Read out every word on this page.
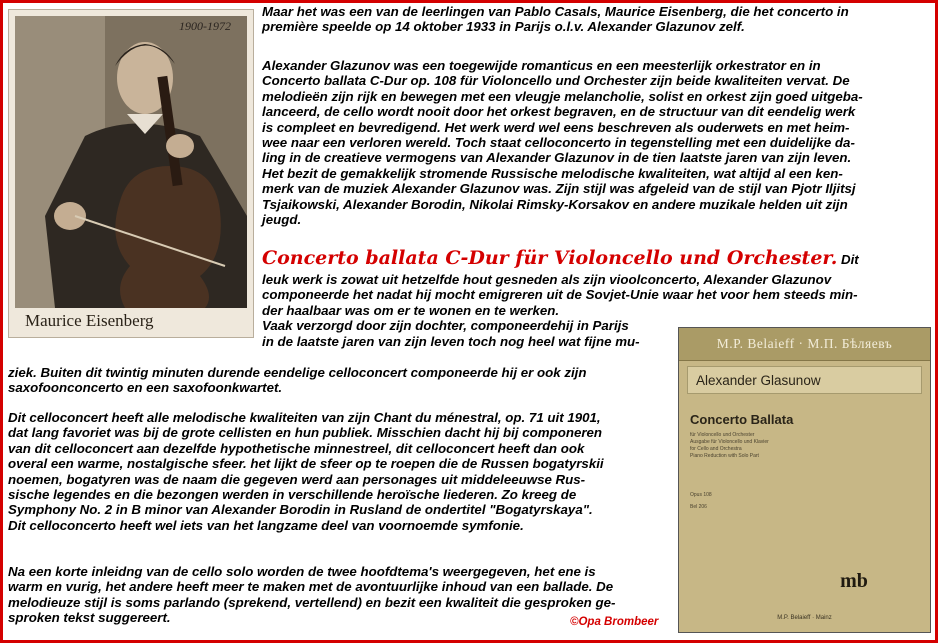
1900-1972
Maurice Eisenberg
Maar het was een van de leerlingen van Pablo Casals, Maurice Eisenberg, die het concerto in
première speelde op 14 oktober 1933 in Parijs o.l.v. Alexander Glazunov zelf.
Alexander Glazunov was een toegewijde romanticus en een meesterlijk orkestrator en in
Concerto ballata C-Dur op. 108 für Violoncello und Orchester zijn beide kwaliteiten vervat. De
melodieën zijn rijk en bewegen met een vleugje melancholie, solist en orkest zijn goed uitgeba-
lanceerd, de cello wordt nooit door het orkest begraven, en de structuur van dit eendelig werk
is compleet en bevredigend. Het werk werd wel eens beschreven als ouderwets en met heim-
wee naar een verloren wereld. Toch staat celloconcerto in tegenstelling met een duidelijke da-
ling in de creatieve vermogens van Alexander Glazunov in de tien laatste jaren van zijn leven.
Het bezit de gemakkelijk stromende Russische melodische kwaliteiten, wat altijd al een ken-
merk van de muziek Alexander Glazunov was. Zijn stijl was afgeleid van de stijl van Pjotr Iljitsj
Tsjaikowski, Alexander Borodin, Nikolai Rimsky-Korsakov en andere muzikale helden uit zijn
jeugd.
Concerto ballata C-Dur für Violoncello und Orchester. Dit
leuk werk is zowat uit hetzelfde hout gesneden als zijn vioolconcerto, Alexander Glazunov
componeerde het nadat hij mocht emigreren uit de Sovjet-Unie waar het voor hem steeds min-
der haalbaar was om er te wonen en te werken.
Vaak verzorgd door zijn dochter, componeerdehij in Parijs
in de laatste jaren van zijn leven toch nog heel wat fijne mu-
ziek. Buiten dit twintig minuten durende eendelige celloconcert componeerde hij er ook zijn
saxofoonconcerto en een saxofoonkwartet.
Dit celloconcert heeft alle melodische kwaliteiten van zijn Chant du ménestral, op. 71 uit 1901,
dat lang favoriet was bij de grote cellisten en hun publiek. Misschien dacht hij bij componeren
van dit celloconcert aan dezelfde hypothetische minnestreel, dit celloconcert heeft dan ook
overal een warme, nostalgische sfeer. het lijkt de sfeer op te roepen die de Russen bogatyrskii
noemen, bogatyren was de naam die gegeven werd aan personages uit middeleeuwse Rus-
sische legendes en die bezongen werden in verschillende heroïsche liederen. Zo kreeg de
Symphony No. 2 in B minor van Alexander Borodin in Rusland de ondertitel "Bogatyrskaya".
Dit celloconcerto heeft wel iets van het langzame deel van voornoemde symfonie.
Na een korte inleidng van de cello solo worden de twee hoofdtema's weergegeven, het ene is
warm en vurig, het andere heeft meer te maken met de avontuurlijke inhoud van een ballade. De
melodieuze stijl is soms parlando (sprekend, vertellend) en bezit een kwaliteit die gesproken ge-
sproken tekst suggereert.	©Opa Brombeer
M.P. Belaieff · М.П. Бѣляевъ
Alexander Glasunow
Concerto Ballata
für Violoncello und Orchester
Ausgabe für Violoncello und Klavier
for Cello and Orchestra
Piano Reduction with Solo Part
Opus 108
Bel 206
mb
M.P. Belaieff · Mainz
